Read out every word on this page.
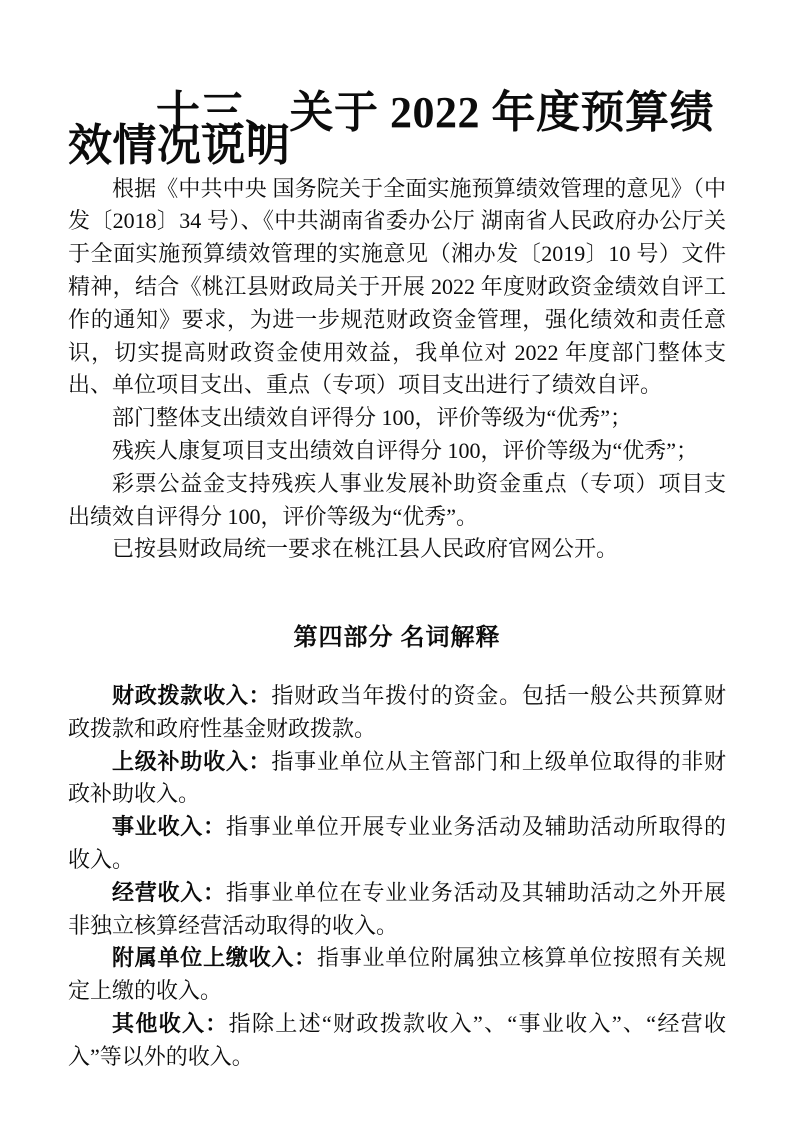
十三、关于 2022 年度预算绩效情况说明

根据《中共中央 国务院关于全面实施预算绩效管理的意见》（中发〔2018〕34 号）、《中共湖南省委办公厅 湖南省人民政府办公厅关于全面实施预算绩效管理的实施意见（湘办发〔2019〕10 号）文件精神，结合《桃江县财政局关于开展 2022 年度财政资金绩效自评工作的通知》要求，为进一步规范财政资金管理，强化绩效和责任意识，切实提高财政资金使用效益，我单位对 2022 年度部门整体支出、单位项目支出、重点（专项）项目支出进行了绩效自评。

部门整体支出绩效自评得分 100，评价等级为“优秀”；

残疾人康复项目支出绩效自评得分 100，评价等级为“优秀”；

彩票公益金支持残疾人事业发展补助资金重点（专项）项目支出绩效自评得分 100，评价等级为“优秀”。

已按县财政局统一要求在桃江县人民政府官网公开。

第四部分 名词解释

财政拨款收入：指财政当年拨付的资金。包括一般公共预算财政拨款和政府性基金财政拨款。

上级补助收入：指事业单位从主管部门和上级单位取得的非财政补助收入。

事业收入：指事业单位开展专业业务活动及辅助活动所取得的收入。

经营收入：指事业单位在专业业务活动及其辅助活动之外开展非独立核算经营活动取得的收入。

附属单位上缴收入：指事业单位附属独立核算单位按照有关规定上缴的收入。

其他收入：指除上述“财政拨款收入”、“事业收入”、“经营收入”等以外的收入。
